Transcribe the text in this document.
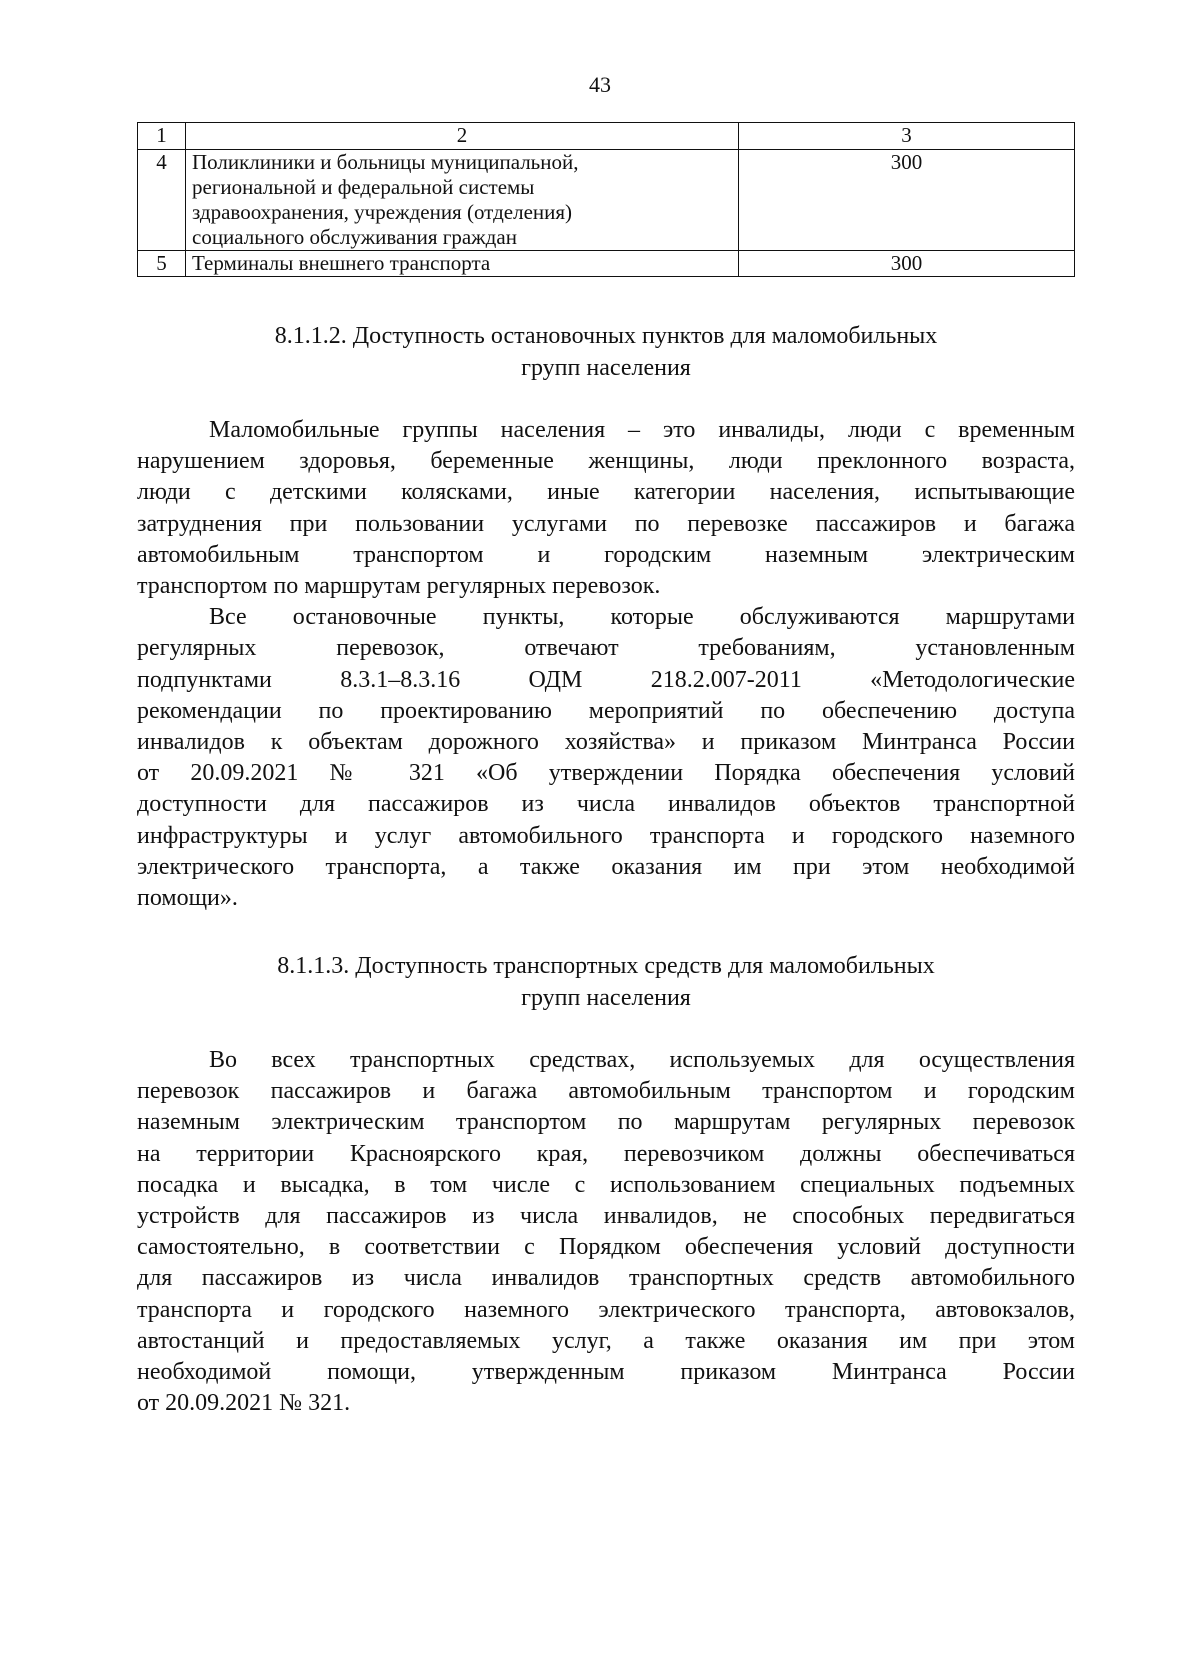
43
1	2	3
4	Поликлиники и больницы муниципальной,
региональной и федеральной системы
здравоохранения, учреждения (отделения)
социального обслуживания граждан	300
5	Терминалы внешнего транспорта	300
8.1.1.2. Доступность остановочных пунктов для маломобильных
групп населения
Маломобильные группы населения – это инвалиды, люди с временным
нарушением здоровья, беременные женщины, люди преклонного возраста,
люди с детскими колясками, иные категории населения, испытывающие
затруднения при пользовании услугами по перевозке пассажиров и багажа
автомобильным транспортом и городским наземным электрическим
транспортом по маршрутам регулярных перевозок.
Все остановочные пункты, которые обслуживаются маршрутами
регулярных перевозок, отвечают требованиям, установленным
подпунктами 8.3.1–8.3.16 ОДМ 218.2.007-2011 «Методологические
рекомендации по проектированию мероприятий по обеспечению доступа
инвалидов к объектам дорожного хозяйства» и приказом Минтранса России
от 20.09.2021 № 321 «Об утверждении Порядка обеспечения условий
доступности для пассажиров из числа инвалидов объектов транспортной
инфраструктуры и услуг автомобильного транспорта и городского наземного
электрического транспорта, а также оказания им при этом необходимой
помощи».
8.1.1.3. Доступность транспортных средств для маломобильных
групп населения
Во всех транспортных средствах, используемых для осуществления
перевозок пассажиров и багажа автомобильным транспортом и городским
наземным электрическим транспортом по маршрутам регулярных перевозок
на территории Красноярского края, перевозчиком должны обеспечиваться
посадка и высадка, в том числе с использованием специальных подъемных
устройств для пассажиров из числа инвалидов, не способных передвигаться
самостоятельно, в соответствии с Порядком обеспечения условий доступности
для пассажиров из числа инвалидов транспортных средств автомобильного
транспорта и городского наземного электрического транспорта, автовокзалов,
автостанций и предоставляемых услуг, а также оказания им при этом
необходимой помощи, утвержденным приказом Минтранса России
от 20.09.2021 № 321.
